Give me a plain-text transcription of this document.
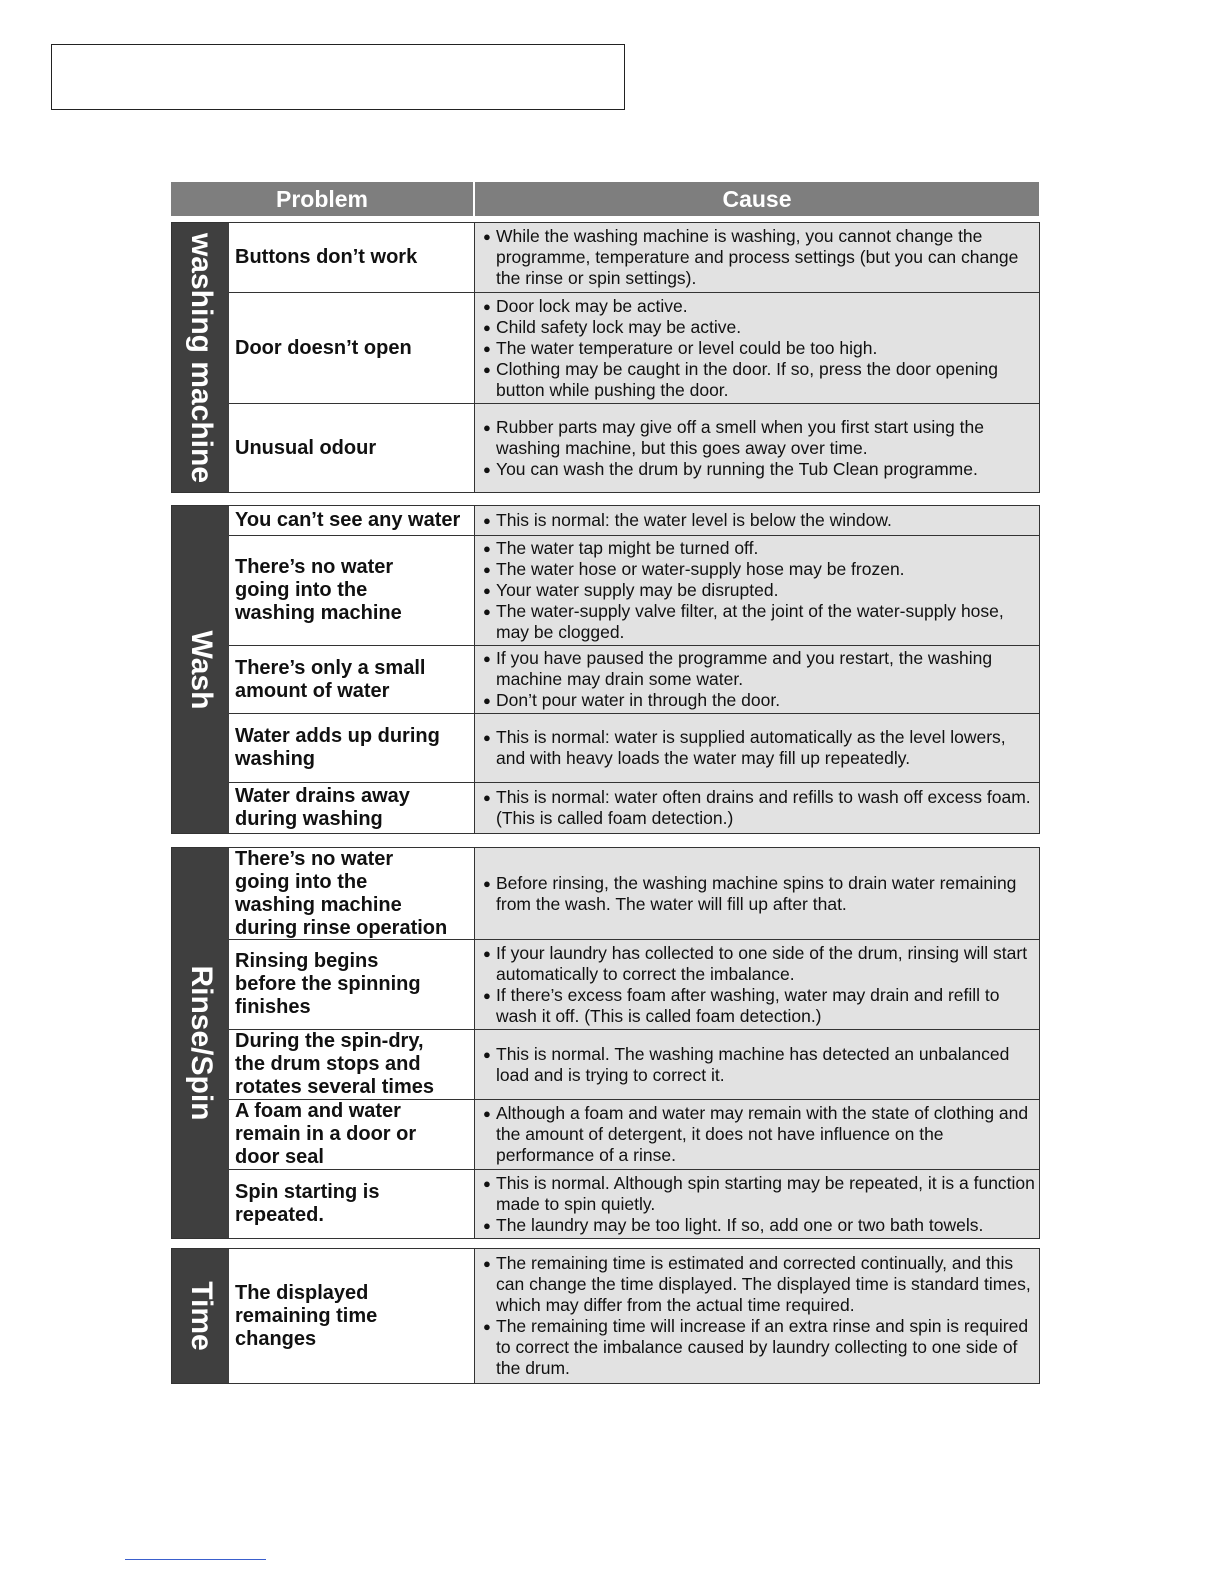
Problem	Cause
washing machine Buttons don’t work
● While the washing machine is washing, you cannot change the programme, temperature and process settings (but you can change the rinse or spin settings).
Door doesn’t open
● Door lock may be active.
● Child safety lock may be active.
● The water temperature or level could be too high.
● Clothing may be caught in the door. If so, press the door opening button while pushing the door.
Unusual odour
● Rubber parts may give off a smell when you first start using the washing machine, but this goes away over time.
● You can wash the drum by running the Tub Clean programme.
Wash
You can’t see any water	● This is normal: the water level is below the window.
There’s no water
going into the
washing machine
● The water tap might be turned off.
● The water hose or water-supply hose may be frozen.
● Your water supply may be disrupted.
● The water-supply valve filter, at the joint of the water-supply hose, may be clogged.
There’s only a small
amount of water
● If you have paused the programme and you restart, the washing machine may drain some water.
● Don’t pour water in through the door.
Water adds up during
washing
● This is normal: water is supplied automatically as the level lowers, and with heavy loads the water may fill up repeatedly.
Water drains away
during washing
● This is normal: water often drains and refills to wash off excess foam. (This is called foam detection.)
Rinse/Spin
There’s no water
going into the
washing machine
during rinse operation
● Before rinsing, the washing machine spins to drain water remaining from the wash. The water will fill up after that.
Rinsing begins
before the spinning
finishes
● If your laundry has collected to one side of the drum, rinsing will start automatically to correct the imbalance.
● If there’s excess foam after washing, water may drain and refill to wash it off. (This is called foam detection.)
During the spin-dry,
the drum stops and
rotates several times
● This is normal. The washing machine has detected an unbalanced load and is trying to correct it.
A foam and water
remain in a door or
door seal
● Although a foam and water may remain with the state of clothing and the amount of detergent, it does not have influence on the performance of a rinse.
Spin starting is
repeated.
● This is normal. Although spin starting may be repeated, it is a function made to spin quietly.
● The laundry may be too light. If so, add one or two bath towels.
Time The displayed
remaining time
changes
● The remaining time is estimated and corrected continually, and this can change the time displayed. The displayed time is standard times, which may differ from the actual time required.
● The remaining time will increase if an extra rinse and spin is required to correct the imbalance caused by laundry collecting to one side of the drum.
